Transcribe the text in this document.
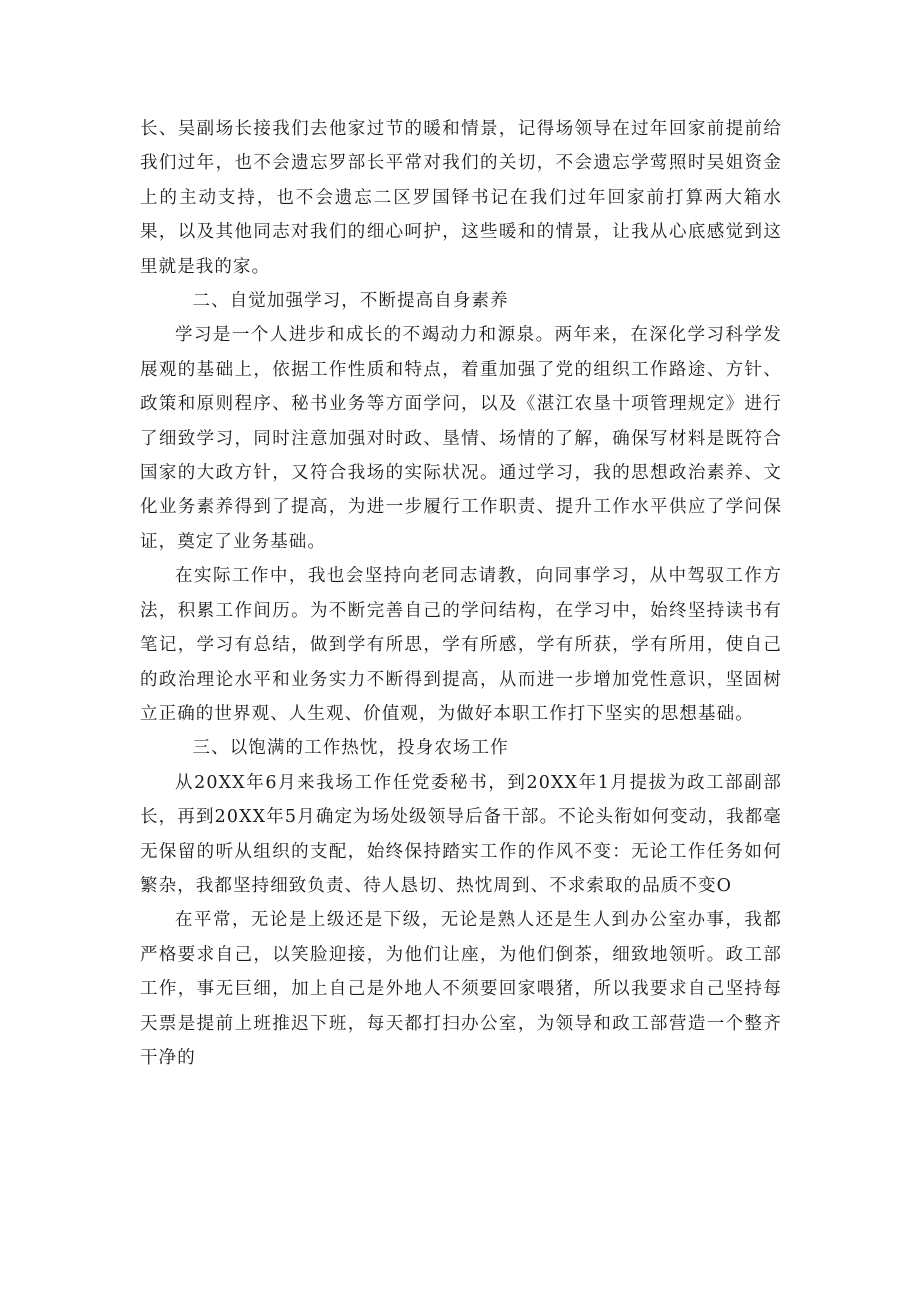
长、吴副场长接我们去他家过节的暖和情景，记得场领导在过年回家前提前给我们过年，也不会遗忘罗部长平常对我们的关切，不会遗忘学莺照时吴姐资金上的主动支持，也不会遗忘二区罗国铎书记在我们过年回家前打算两大箱水果，以及其他同志对我们的细心呵护，这些暖和的情景，让我从心底感觉到这里就是我的家。

二、自觉加强学习，不断提高自身素养

学习是一个人进步和成长的不竭动力和源泉。两年来，在深化学习科学发展观的基础上，依据工作性质和特点，着重加强了党的组织工作路途、方针、政策和原则程序、秘书业务等方面学问，以及《湛江农垦十项管理规定》进行了细致学习，同时注意加强对时政、垦情、场情的了解，确保写材料是既符合国家的大政方针，又符合我场的实际状况。通过学习，我的思想政治素养、文化业务素养得到了提高，为进一步履行工作职责、提升工作水平供应了学问保证，奠定了业务基础。

在实际工作中，我也会坚持向老同志请教，向同事学习，从中驾驭工作方法，积累工作间历。为不断完善自己的学问结构，在学习中，始终坚持读书有笔记，学习有总结，做到学有所思，学有所感，学有所获，学有所用，使自己的政治理论水平和业务实力不断得到提高，从而进一步增加党性意识，坚固树立正确的世界观、人生观、价值观，为做好本职工作打下坚实的思想基础。

三、以饱满的工作热忱，投身农场工作

从20XX年6月来我场工作任党委秘书，到20XX年1月提拔为政工部副部长，再到20XX年5月确定为场处级领导后备干部。不论头衔如何变动，我都毫无保留的听从组织的支配，始终保持踏实工作的作风不变：无论工作任务如何繁杂，我都坚持细致负责、待人恳切、热忱周到、不求索取的品质不变O

在平常，无论是上级还是下级，无论是熟人还是生人到办公室办事，我都严格要求自己，以笑脸迎接，为他们让座，为他们倒茶，细致地领听。政工部工作，事无巨细，加上自己是外地人不须要回家喂猪，所以我要求自己坚持每天票是提前上班推迟下班，每天都打扫办公室，为领导和政工部营造一个整齐干净的
